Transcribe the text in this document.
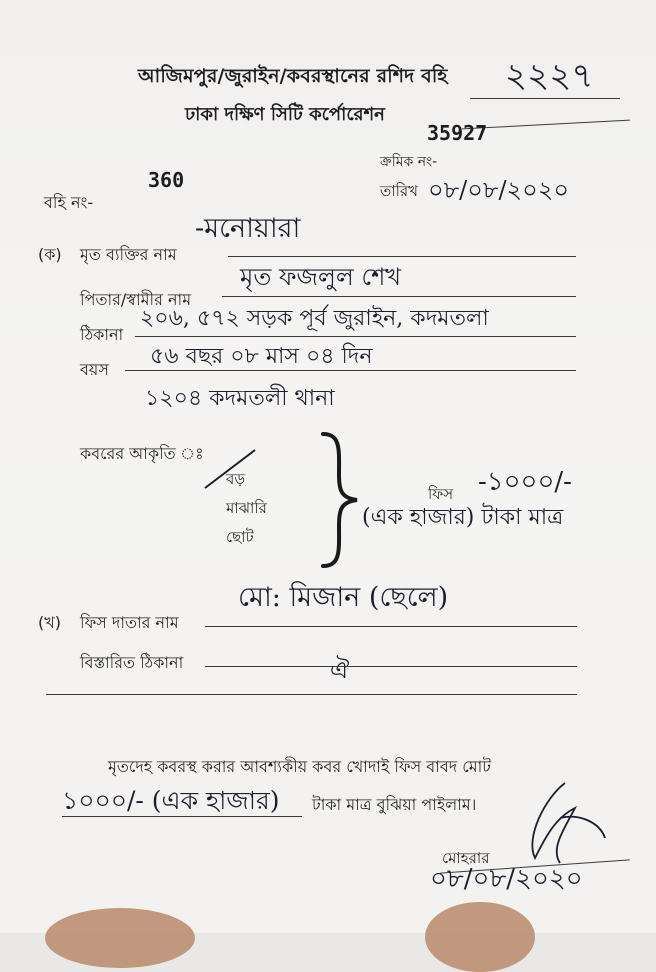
আজিমপুর/জুরাইন/কবরস্থানের রশিদ বহি ২২২৭
ঢাকা দক্ষিণ সিটি কর্পোরেশন
35927
ক্রমিক নং-
বহি নং-
360	তারিখ ০৮/০৮/২০২০
(ক) মৃত ব্যক্তির নাম
-মনোয়ারা
পিতার/স্বামীর নাম
মৃত ফজলুল শেখ
ঠিকানা
২০৬, ৫৭২ সড়ক পূর্ব জুরাইন, কদমতলা
বয়স
৫৬ বছর ০৮ মাস ০৪ দিন
১২০৪ কদমতলী থানা
কবরের আকৃতি ঃ
বড়
মাঝারি
ছোট
ফিস -১০০০/-
(এক হাজার) টাকা মাত্র
(খ) ফিস দাতার নাম
মো: মিজান (ছেলে)
বিস্তারিত ঠিকানা	ঐ
মৃতদেহ কবরস্থ করার আবশ্যকীয় কবর খোদাই ফিস বাবদ মোট
১০০০/- (এক হাজার) টাকা মাত্র বুঝিয়া পাইলাম।
মোহরার
০৮/০৮/২০২০
